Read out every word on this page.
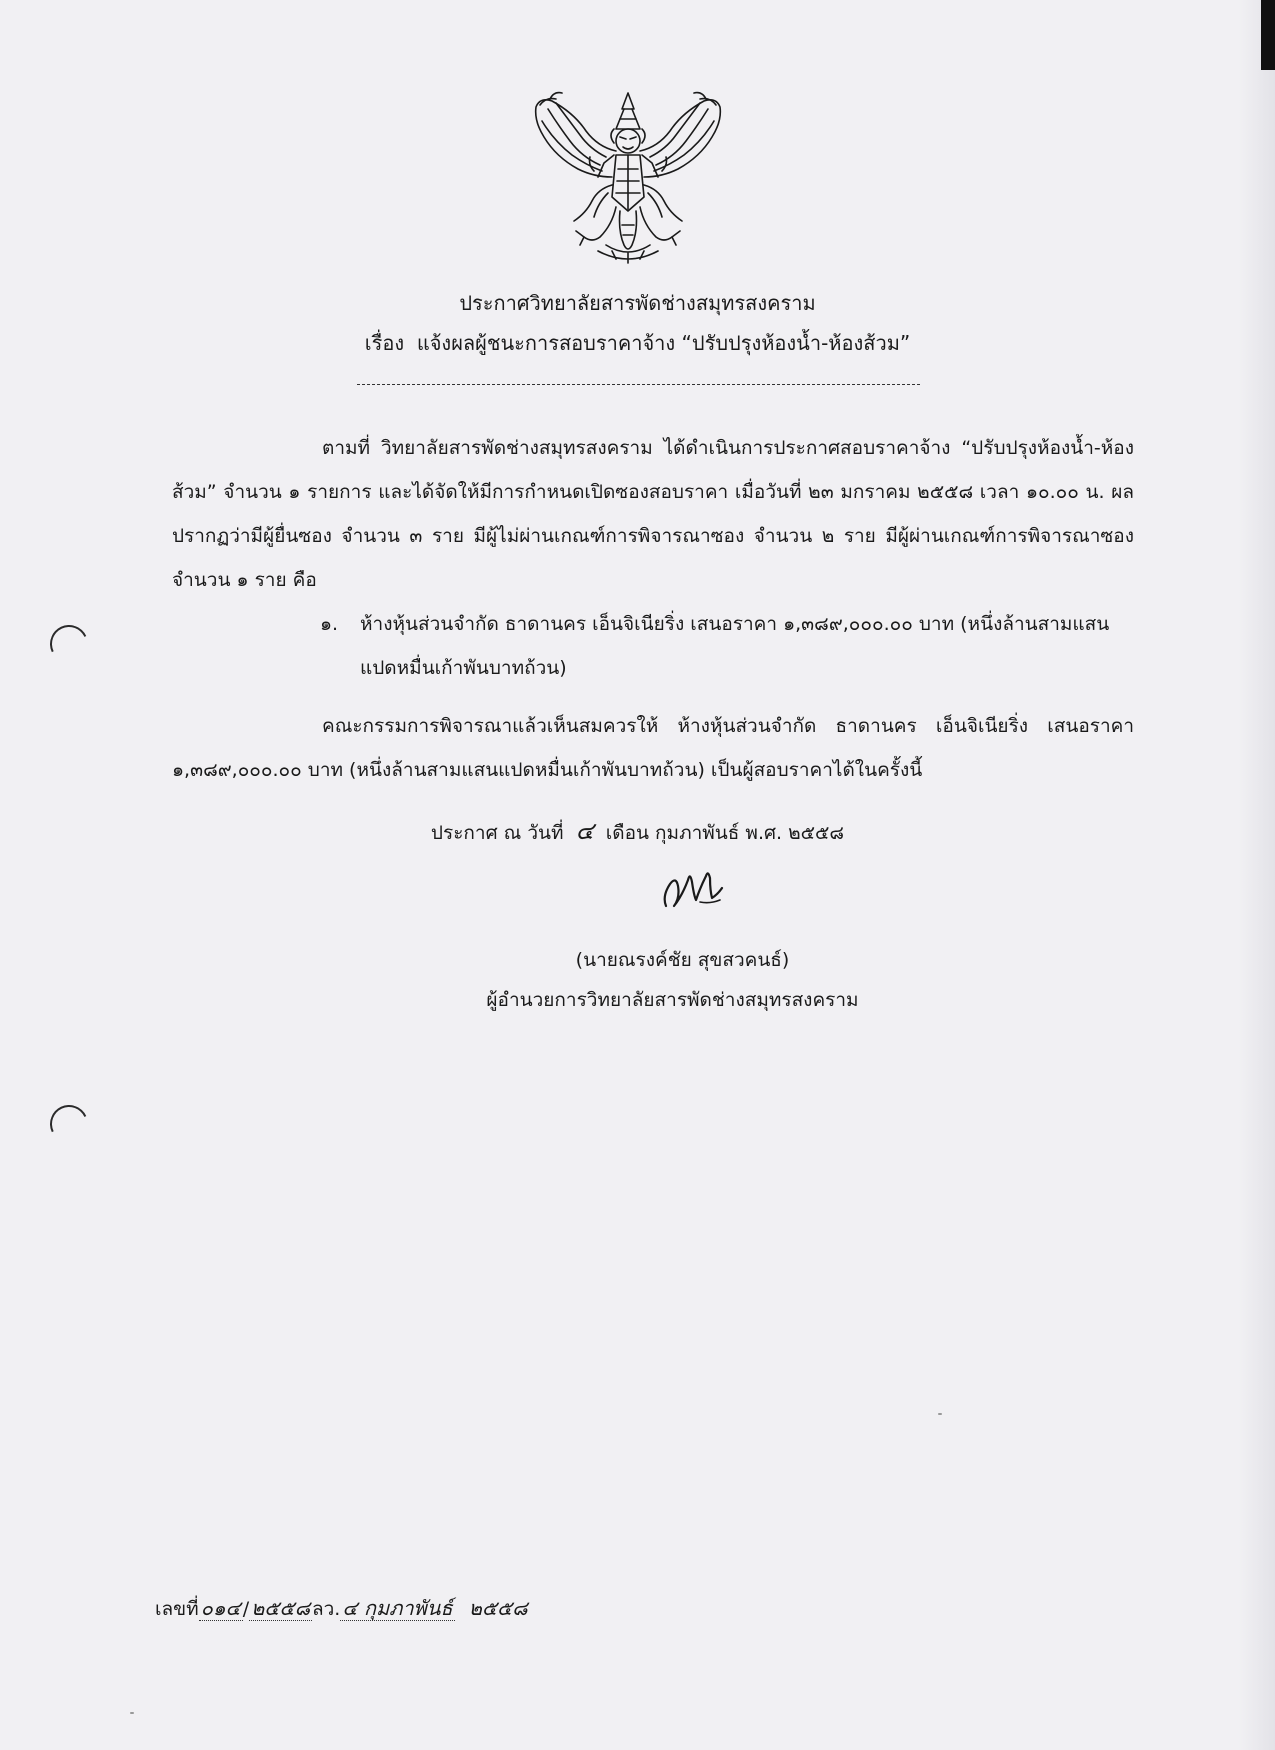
ประกาศวิทยาลัยสารพัดช่างสมุทรสงคราม
เรื่อง แจ้งผลผู้ชนะการสอบราคาจ้าง “ปรับปรุงห้องน้ำ-ห้องส้วม”

ตามที่ วิทยาลัยสารพัดช่างสมุทรสงคราม ได้ดำเนินการประกาศสอบราคาจ้าง “ปรับปรุงห้องน้ำ-ห้องส้วม” จำนวน ๑ รายการ และได้จัดให้มีการกำหนดเปิดซองสอบราคา เมื่อวันที่ ๒๓ มกราคม ๒๕๕๘ เวลา ๑๐.๐๐ น. ผลปรากฏว่ามีผู้ยื่นซอง จำนวน ๓ ราย มีผู้ไม่ผ่านเกณฑ์การพิจารณาซอง จำนวน ๒ ราย มีผู้ผ่านเกณฑ์การพิจารณาซอง จำนวน ๑ ราย คือ

๑. ห้างหุ้นส่วนจำกัด ธาดานคร เอ็นจิเนียริ่ง เสนอราคา ๑,๓๘๙,๐๐๐.๐๐ บาท (หนึ่งล้านสามแสนแปดหมื่นเก้าพันบาทถ้วน)

คณะกรรมการพิจารณาแล้วเห็นสมควรให้ ห้างหุ้นส่วนจำกัด ธาดานคร เอ็นจิเนียริ่ง เสนอราคา ๑,๓๘๙,๐๐๐.๐๐ บาท (หนึ่งล้านสามแสนแปดหมื่นเก้าพันบาทถ้วน) เป็นผู้สอบราคาได้ในครั้งนี้

ประกาศ ณ วันที่ ๔ เดือน กุมภาพันธ์ พ.ศ. ๒๕๕๘
(นายณรงค์ชัย สุขสวคนธ์)
ผู้อำนวยการวิทยาลัยสารพัดช่างสมุทรสงคราม
เลขที่ ๐๑๔ / ๒๕๕๘ ลว. ๔ กุมภาพันธ์ ๒๕๕๘
